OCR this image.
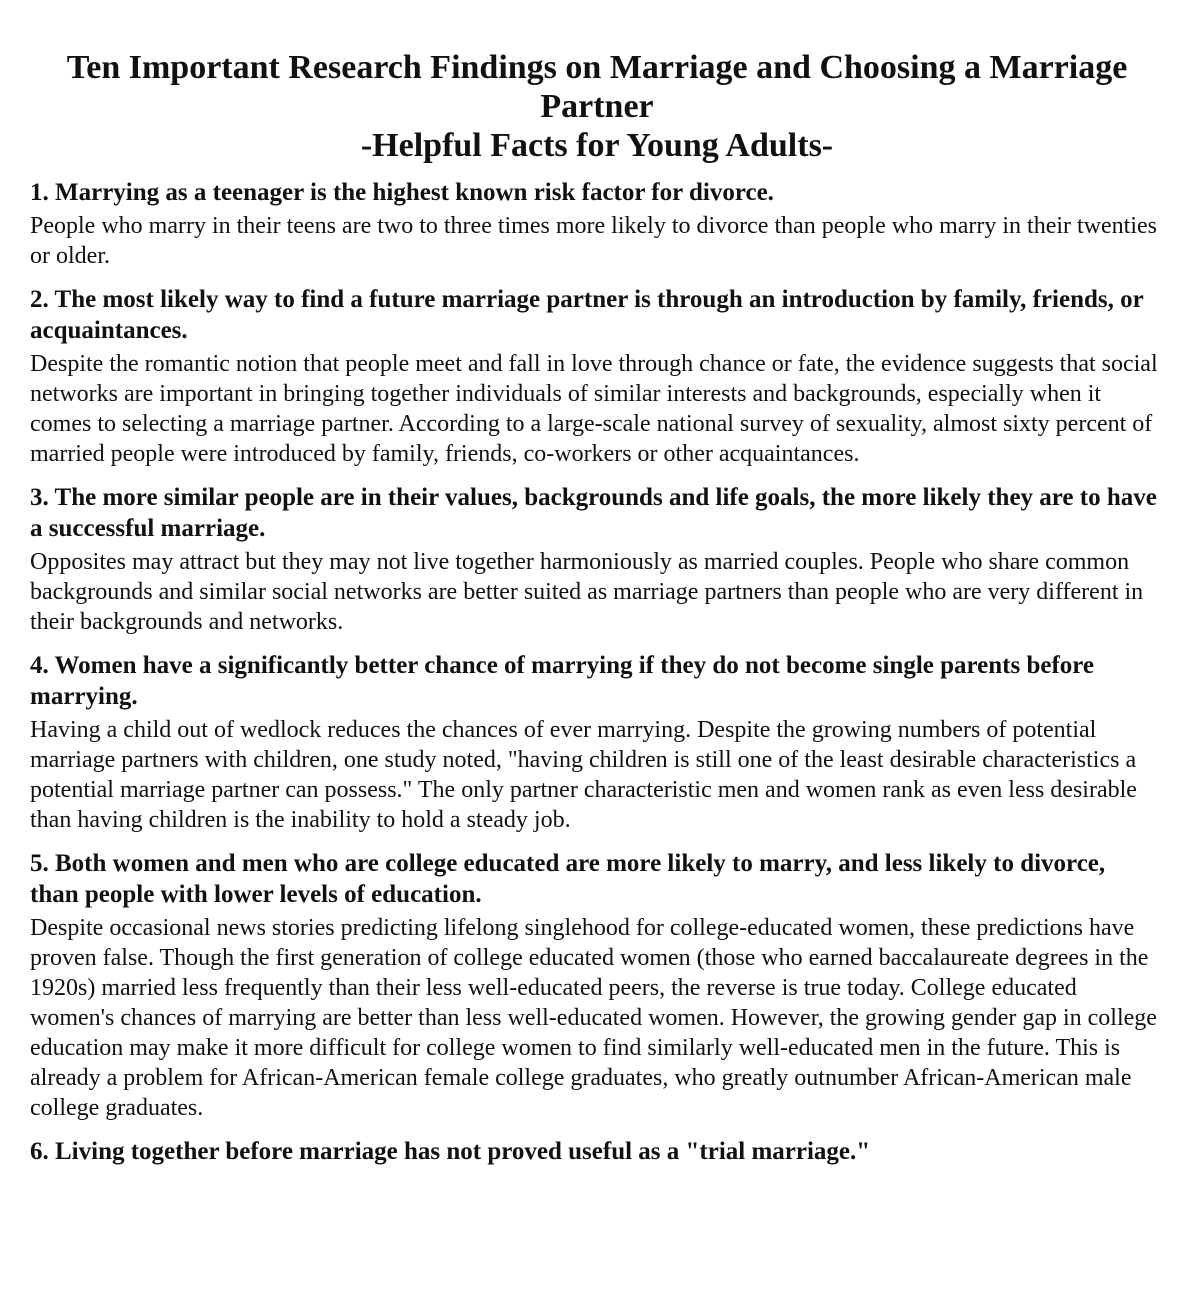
Ten Important Research Findings on Marriage and Choosing a Marriage
Partner
-Helpful Facts for Young Adults-

1. Marrying as a teenager is the highest known risk factor for divorce.

People who marry in their teens are two to three times more likely to divorce than people who marry in their twenties or older.

2. The most likely way to find a future marriage partner is through an introduction by family, friends, or acquaintances.

Despite the romantic notion that people meet and fall in love through chance or fate, the evidence suggests that social networks are important in bringing together individuals of similar interests and backgrounds, especially when it comes to selecting a marriage partner. According to a large-scale national survey of sexuality, almost sixty percent of married people were introduced by family, friends, co-workers or other acquaintances.

3. The more similar people are in their values, backgrounds and life goals, the more likely they are to have a successful marriage.

Opposites may attract but they may not live together harmoniously as married couples. People who share common backgrounds and similar social networks are better suited as marriage partners than people who are very different in their backgrounds and networks.

4. Women have a significantly better chance of marrying if they do not become single parents before marrying.

Having a child out of wedlock reduces the chances of ever marrying. Despite the growing numbers of potential marriage partners with children, one study noted, "having children is still one of the least desirable characteristics a potential marriage partner can possess." The only partner characteristic men and women rank as even less desirable than having children is the inability to hold a steady job.

5. Both women and men who are college educated are more likely to marry, and less likely to divorce, than people with lower levels of education.

Despite occasional news stories predicting lifelong singlehood for college-educated women, these predictions have proven false. Though the first generation of college educated women (those who earned baccalaureate degrees in the 1920s) married less frequently than their less well-educated peers, the reverse is true today. College educated women's chances of marrying are better than less well-educated women. However, the growing gender gap in college education may make it more difficult for college women to find similarly well-educated men in the future. This is already a problem for African-American female college graduates, who greatly outnumber African-American male college graduates.

6. Living together before marriage has not proved useful as a "trial marriage."
